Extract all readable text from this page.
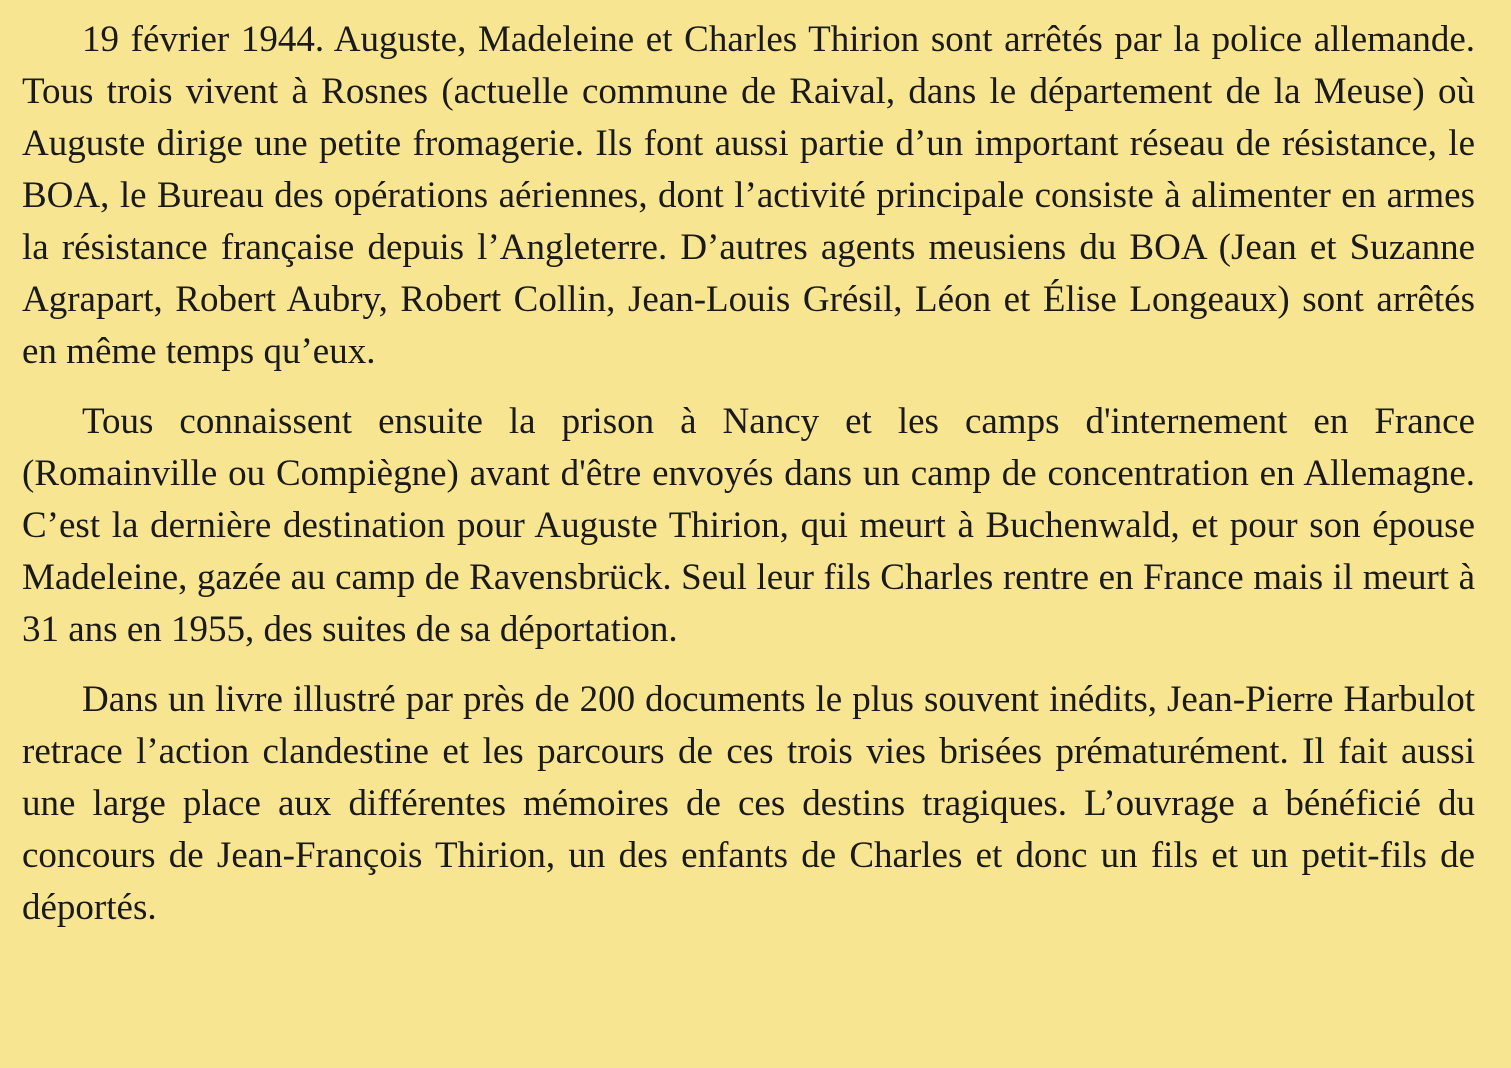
19 février 1944. Auguste, Madeleine et Charles Thirion sont arrêtés par la police allemande. Tous trois vivent à Rosnes (actuelle commune de Raival, dans le département de la Meuse) où Auguste dirige une petite fromagerie. Ils font aussi partie d’un important réseau de résistance, le BOA, le Bureau des opérations aériennes, dont l’activité principale consiste à alimenter en armes la résistance française depuis l’Angleterre. D’autres agents meusiens du BOA (Jean et Suzanne Agrapart, Robert Aubry, Robert Collin, Jean-Louis Grésil, Léon et Élise Longeaux) sont arrêtés en même temps qu’eux.

Tous connaissent ensuite la prison à Nancy et les camps d'internement en France (Romainville ou Compiègne) avant d'être envoyés dans un camp de concentration en Allemagne. C’est la dernière destination pour Auguste Thirion, qui meurt à Buchenwald, et pour son épouse Madeleine, gazée au camp de Ravensbrück. Seul leur fils Charles rentre en France mais il meurt à 31 ans en 1955, des suites de sa déportation.

Dans un livre illustré par près de 200 documents le plus souvent inédits, Jean-Pierre Harbulot retrace l’action clandestine et les parcours de ces trois vies brisées prématurément. Il fait aussi une large place aux différentes mémoires de ces destins tragiques. L’ouvrage a bénéficié du concours de Jean-François Thirion, un des enfants de Charles et donc un fils et un petit-fils de déportés.
